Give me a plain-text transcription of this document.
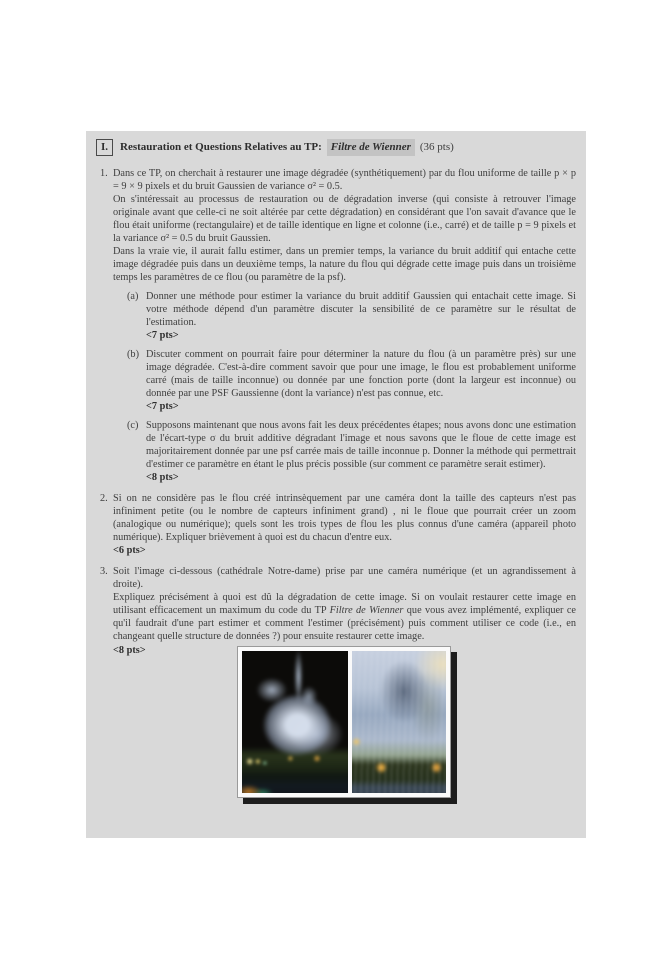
I.	Restauration et Questions Relatives au TP: Filtre de Wienner (36 pts)
1. Dans ce TP, on cherchait à restaurer une image dégradée (synthétiquement) par du flou uniforme de taille p × p = 9 × 9 pixels et du bruit Gaussien de variance σ² = 0.5.

On s'intéressait au processus de restauration ou de dégradation inverse (qui consiste à retrouver l'image originale avant que celle-ci ne soit altérée par cette dégradation) en considérant que l'on savait d'avance que le flou était uniforme (rectangulaire) et de taille identique en ligne et colonne (i.e., carré) et de taille p = 9 pixels et la variance σ² = 0.5 du bruit Gaussien.

Dans la vraie vie, il aurait fallu estimer, dans un premier temps, la variance du bruit additif qui entache cette image dégradée puis dans un deuxième temps, la nature du flou qui dégrade cette image puis dans un troisième temps les paramètres de ce flou (ou paramètre de la psf).

(a) Donner une méthode pour estimer la variance du bruit additif Gaussien qui entachait cette image. Si votre méthode dépend d'un paramètre discuter la sensibilité de ce paramètre sur le résultat de l'estimation.
<7 pts>
(b) Discuter comment on pourrait faire pour déterminer la nature du flou (à un paramètre près) sur une image dégradée. C'est-à-dire comment savoir que pour une image, le flou est probablement uniforme carré (mais de taille inconnue) ou donnée par une fonction porte (dont la largeur est inconnue) ou donnée par une PSF Gaussienne (dont la variance) n'est pas connue, etc.
<7 pts>
(c) Supposons maintenant que nous avons fait les deux précédentes étapes; nous avons donc une estimation de l'écart-type σ du bruit additive dégradant l'image et nous savons que le floue de cette image est majoritairement donnée par une psf carrée mais de taille inconnue p. Donner la méthode qui permettrait d'estimer ce paramètre en étant le plus précis possible (sur comment ce paramètre serait estimer).
<8 pts>
2. Si on ne considère pas le flou créé intrinsèquement par une caméra dont la taille des capteurs n'est pas infiniment petite (ou le nombre de capteurs infiniment grand) , ni le floue que pourrait créer un zoom (analogique ou numérique); quels sont les trois types de flou les plus connus d'une caméra (appareil photo numérique). Expliquer brièvement à quoi est du chacun d'entre eux.

<6 pts>
3. Soit l'image ci-dessous (cathédrale Notre-dame) prise par une caméra numérique (et un agrandissement à droite).

Expliquez précisément à quoi est dû la dégradation de cette image. Si on voulait restaurer cette image en utilisant efficacement un maximum du code du TP Filtre de Wienner que vous avez implémenté, expliquer ce qu'il faudrait d'une part estimer et comment l'estimer (précisément) puis comment utiliser ce code (i.e., en changeant quelle structure de données ?) pour ensuite restaurer cette image.

<8 pts>
